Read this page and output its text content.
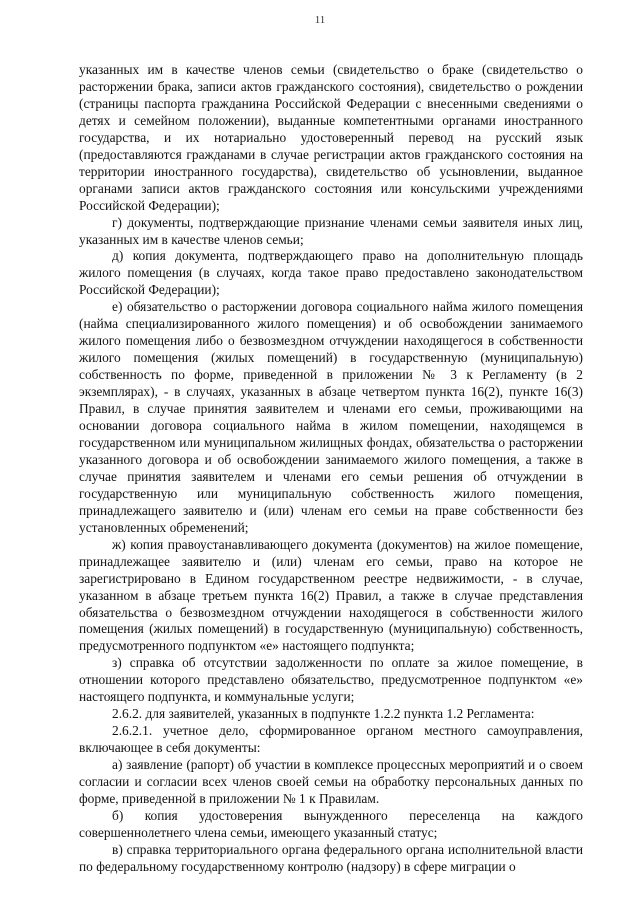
11

указанных им в качестве членов семьи (свидетельство о браке (свидетельство о расторжении брака, записи актов гражданского состояния), свидетельство о рождении (страницы паспорта гражданина Российской Федерации с внесенными сведениями о детях и семейном положении), выданные компетентными органами иностранного государства, и их нотариально удостоверенный перевод на русский язык (предоставляются гражданами в случае регистрации актов гражданского состояния на территории иностранного государства), свидетельство об усыновлении, выданное органами записи актов гражданского состояния или консульскими учреждениями Российской Федерации);

г) документы, подтверждающие признание членами семьи заявителя иных лиц, указанных им в качестве членов семьи;

д) копия документа, подтверждающего право на дополнительную площадь жилого помещения (в случаях, когда такое право предоставлено законодательством Российской Федерации);

е) обязательство о расторжении договора социального найма жилого помещения (найма специализированного жилого помещения) и об освобождении занимаемого жилого помещения либо о безвозмездном отчуждении находящегося в собственности жилого помещения (жилых помещений) в государственную (муниципальную) собственность по форме, приведенной в приложении № 3 к Регламенту (в 2 экземплярах), - в случаях, указанных в абзаце четвертом пункта 16(2), пункте 16(3) Правил, в случае принятия заявителем и членами его семьи, проживающими на основании договора социального найма в жилом помещении, находящемся в государственном или муниципальном жилищных фондах, обязательства о расторжении указанного договора и об освобождении занимаемого жилого помещения, а также в случае принятия заявителем и членами его семьи решения об отчуждении в государственную или муниципальную собственность жилого помещения, принадлежащего заявителю и (или) членам его семьи на праве собственности без установленных обременений;

ж) копия правоустанавливающего документа (документов) на жилое помещение, принадлежащее заявителю и (или) членам его семьи, право на которое не зарегистрировано в Едином государственном реестре недвижимости, - в случае, указанном в абзаце третьем пункта 16(2) Правил, а также в случае представления обязательства о безвозмездном отчуждении находящегося в собственности жилого помещения (жилых помещений) в государственную (муниципальную) собственность, предусмотренного подпунктом «е» настоящего подпункта;

з) справка об отсутствии задолженности по оплате за жилое помещение, в отношении которого представлено обязательство, предусмотренное подпунктом «е» настоящего подпункта, и коммунальные услуги;

2.6.2. для заявителей, указанных в подпункте 1.2.2 пункта 1.2 Регламента:

2.6.2.1. учетное дело, сформированное органом местного самоуправления, включающее в себя документы:

а) заявление (рапорт) об участии в комплексе процессных мероприятий и о своем согласии и согласии всех членов своей семьи на обработку персональных данных по форме, приведенной в приложении № 1 к Правилам.

б) копия удостоверения вынужденного переселенца на каждого совершеннолетнего члена семьи, имеющего указанный статус;

в) справка территориального органа федерального органа исполнительной власти по федеральному государственному контролю (надзору) в сфере миграции о
